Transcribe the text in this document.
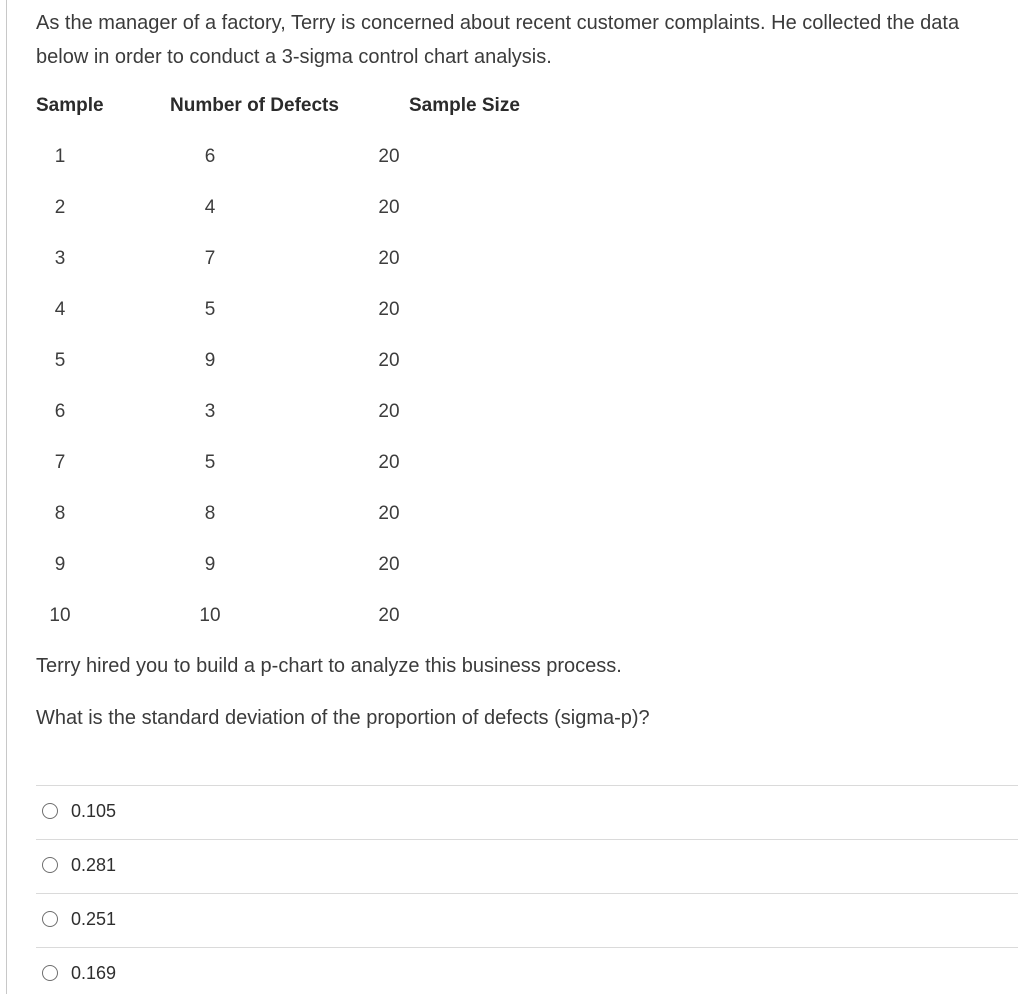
As the manager of a factory, Terry is concerned about recent customer complaints. He collected the data below in order to conduct a 3-sigma control chart analysis.

Sample	Number of Defects	Sample Size
1	6	20
2	4	20
3	7	20
4	5	20
5	9	20
6	3	20
7	5	20
8	8	20
9	9	20
10	10	20

Terry hired you to build a p-chart to analyze this business process.

What is the standard deviation of the proportion of defects (sigma-p)?

0.105
0.281
0.251
0.169
